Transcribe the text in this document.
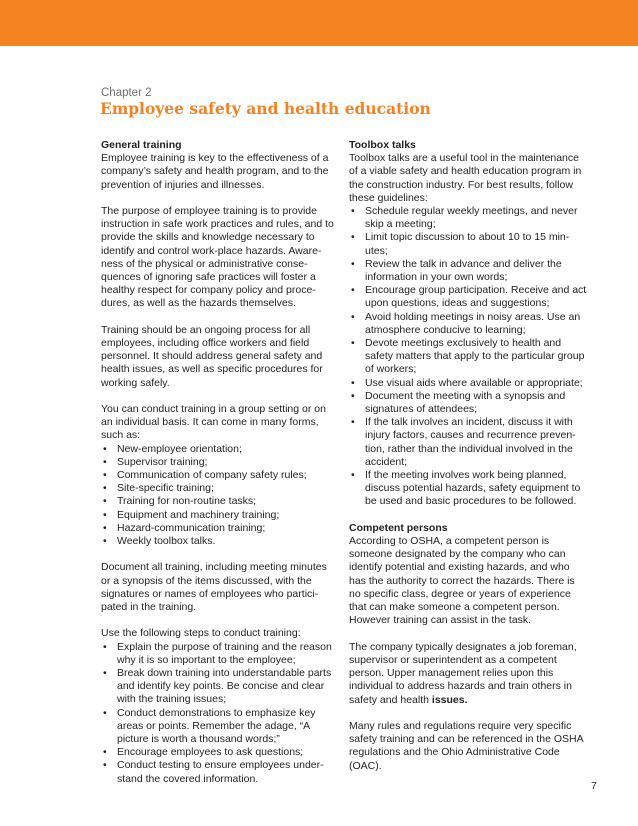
Chapter 2
Employee safety and health education
General training

Employee training is key to the effectiveness of a company’s safety and health program, and to the prevention of injuries and illnesses.

The purpose of employee training is to provide instruction in safe work practices and rules, and to provide the skills and knowledge necessary to identify and control work-place hazards. Aware-ness of the physical or administrative conse-quences of ignoring safe practices will foster a healthy respect for company policy and proce-dures, as well as the hazards themselves.

Training should be an ongoing process for all employees, including office workers and field personnel. It should address general safety and health issues, as well as specific procedures for working safely.

You can conduct training in a group setting or on an individual basis. It can come in many forms, such as:

• New-employee orientation;
• Supervisor training;
• Communication of company safety rules;
• Site-specific training;
• Training for non-routine tasks;
• Equipment and machinery training;
• Hazard-communication training;
• Weekly toolbox talks.

Document all training, including meeting minutes or a synopsis of the items discussed, with the signatures or names of employees who partici-pated in the training.

Use the following steps to conduct training:

• Explain the purpose of training and the reason why it is so important to the employee;
• Break down training into understandable parts and identify key points. Be concise and clear with the training issues;
• Conduct demonstrations to emphasize key areas or points. Remember the adage, “A picture is worth a thousand words;”
• Encourage employees to ask questions;
• Conduct testing to ensure employees under-stand the covered information.
Toolbox talks

Toolbox talks are a useful tool in the maintenance of a viable safety and health education program in the construction industry. For best results, follow these guidelines:

• Schedule regular weekly meetings, and never skip a meeting;
• Limit topic discussion to about 10 to 15 min-utes;
• Review the talk in advance and deliver the information in your own words;
• Encourage group participation. Receive and act upon questions, ideas and suggestions;
• Avoid holding meetings in noisy areas. Use an atmosphere conducive to learning;
• Devote meetings exclusively to health and safety matters that apply to the particular group of workers;
• Use visual aids where available or appropriate;
• Document the meeting with a synopsis and signatures of attendees;
• If the talk involves an incident, discuss it with injury factors, causes and recurrence preven-tion, rather than the individual involved in the accident;
• If the meeting involves work being planned, discuss potential hazards, safety equipment to be used and basic procedures to be followed.
Competent persons

According to OSHA, a competent person is someone designated by the company who can identify potential and existing hazards, and who has the authority to correct the hazards. There is no specific class, degree or years of experience that can make someone a competent person. However training can assist in the task.

The company typically designates a job foreman, supervisor or superintendent as a competent person. Upper management relies upon this individual to address hazards and train others in safety and health issues.

Many rules and regulations require very specific safety training and can be referenced in the OSHA regulations and the Ohio Administrative Code (OAC).

7
